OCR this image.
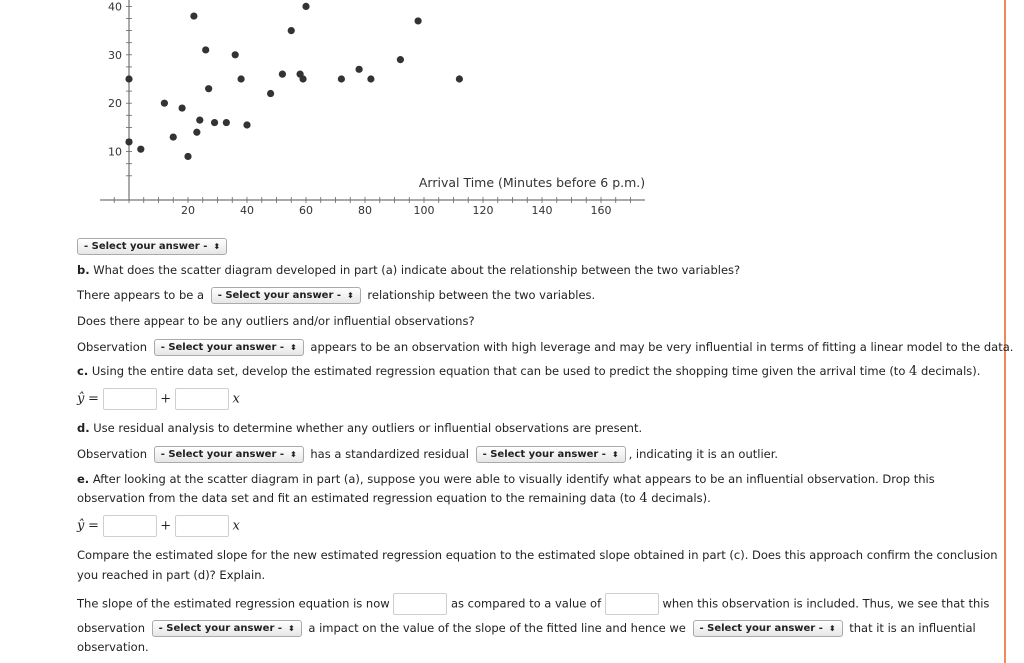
20	40	60	80	100	120	140	160
10
20
30
40
Arrival Time (Minutes before 6 p.m.)
- Select your answer - ⬍
b. What does the scatter diagram developed in part (a) indicate about the relationship between the two variables?
There appears to be a - Select your answer - ⬍ relationship between the two variables.
Does there appear to be any outliers and/or influential observations?
Observation - Select your answer - ⬍ appears to be an observation with high leverage and may be very influential in terms of fitting a linear model to the data.
c. Using the entire data set, develop the estimated regression equation that can be used to predict the shopping time given the arrival time (to 4 decimals).
ŷ =	+	x
d. Use residual analysis to determine whether any outliers or influential observations are present.
Observation - Select your answer - ⬍ has a standardized residual - Select your answer - ⬍ , indicating it is an outlier.
e. After looking at the scatter diagram in part (a), suppose you were able to visually identify what appears to be an influential observation. Drop this
observation from the data set and fit an estimated regression equation to the remaining data (to 4 decimals).
ŷ =	+	x
Compare the estimated slope for the new estimated regression equation to the estimated slope obtained in part (c). Does this approach confirm the conclusion
you reached in part (d)? Explain.
The slope of the estimated regression equation is now	as compared to a value of	when this observation is included. Thus, we see that this
observation - Select your answer - ⬍ a impact on the value of the slope of the fitted line and hence we - Select your answer - ⬍ that it is an influential
observation.
